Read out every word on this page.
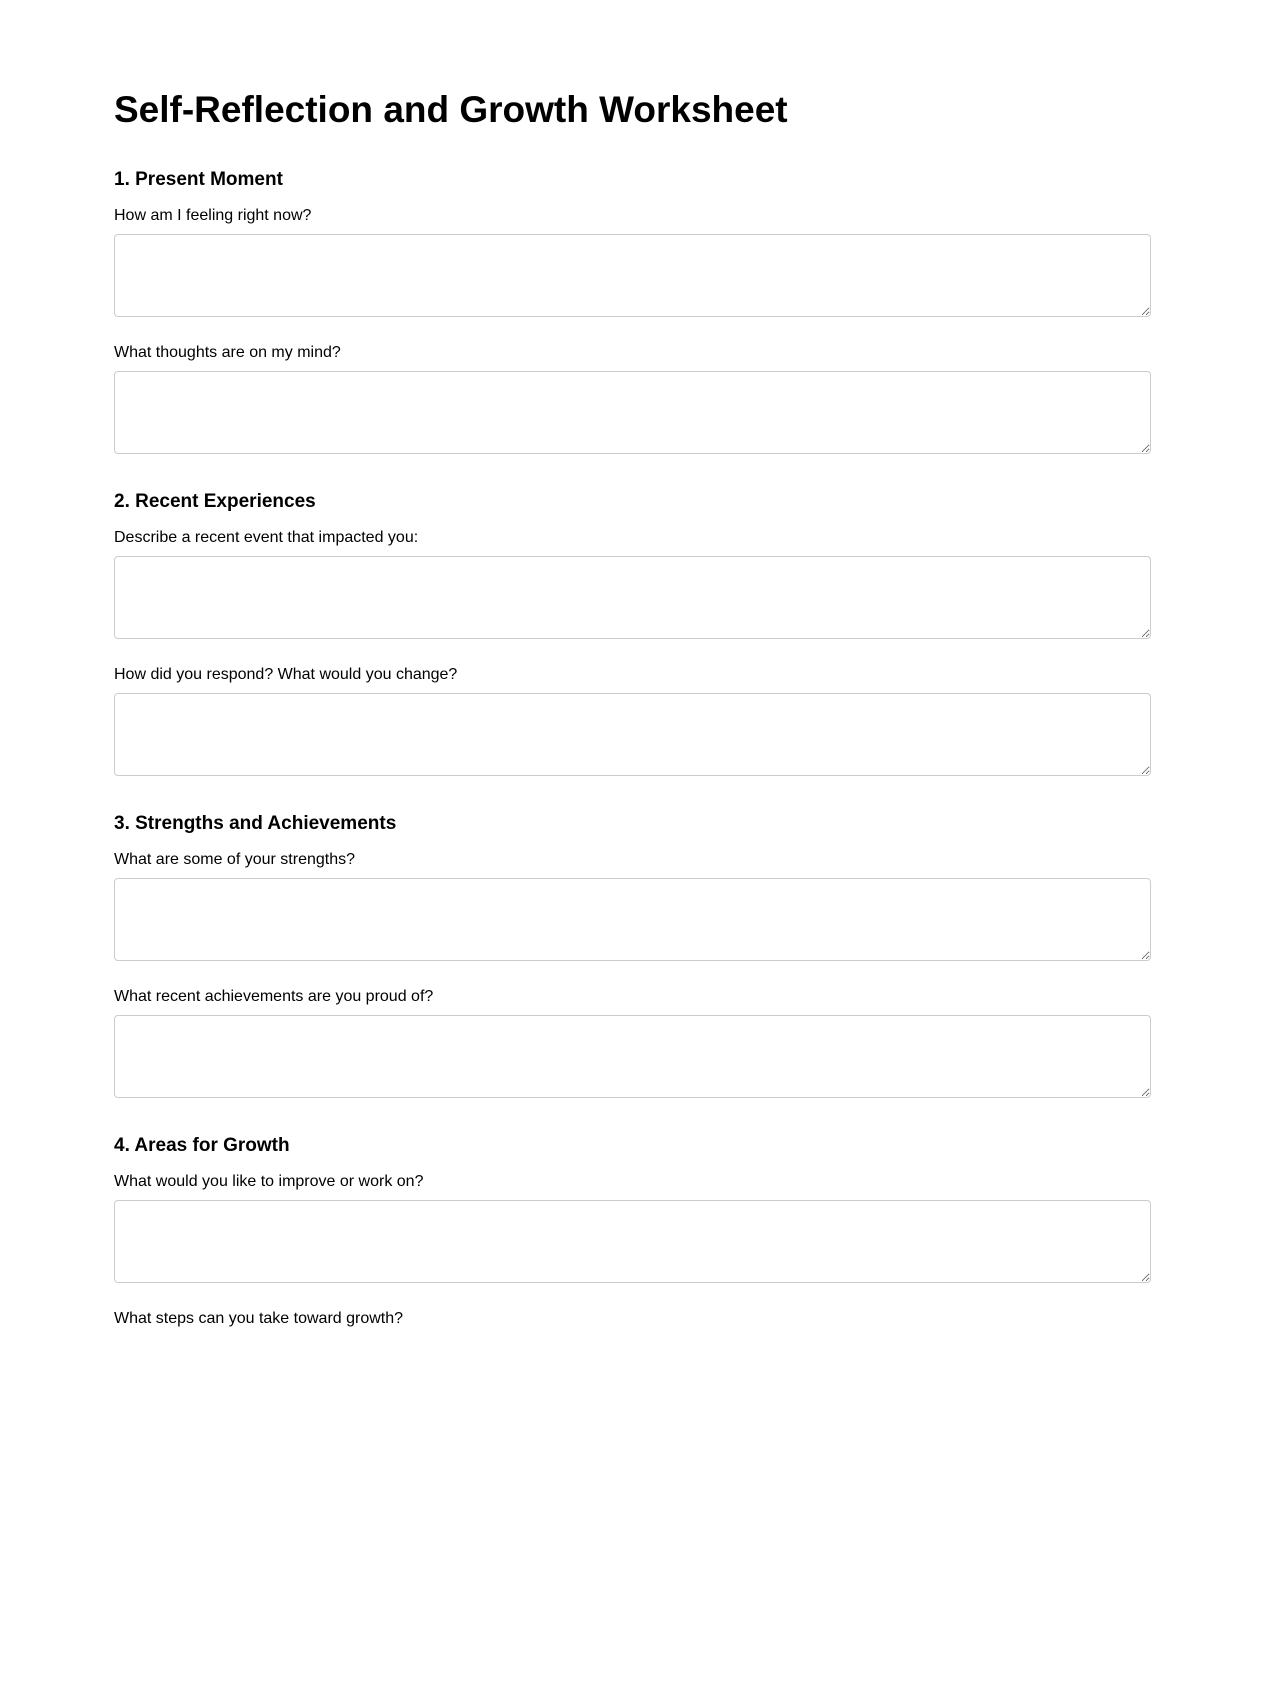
Self-Reflection and Growth Worksheet
1. Present Moment
How am I feeling right now?
What thoughts are on my mind?
2. Recent Experiences
Describe a recent event that impacted you:
How did you respond? What would you change?
3. Strengths and Achievements
What are some of your strengths?
What recent achievements are you proud of?
4. Areas for Growth
What would you like to improve or work on?
What steps can you take toward growth?
